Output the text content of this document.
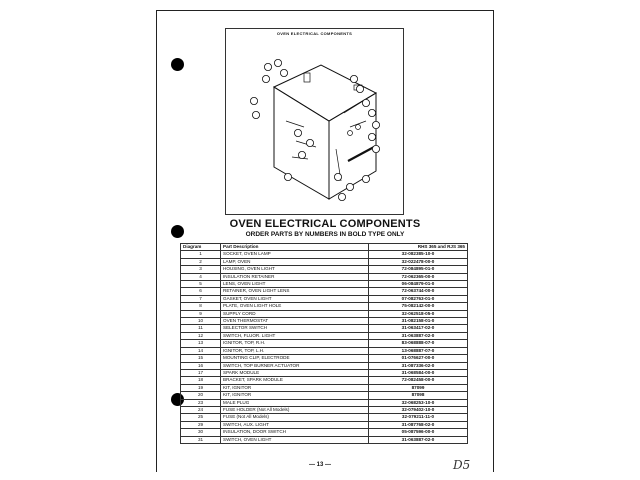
OVEN ELECTRICAL COMPONENTS
OVEN ELECTRICAL COMPONENTS
ORDER PARTS BY NUMBERS IN BOLD TYPE ONLY
Diagram	Part Description	RHS 365 and RJS 365
1	SOCKET, OVEN LAMP	32-082385-10-0
2	LAMP, OVEN	32-022478-00-0
3	HOUSING, OVEN LIGHT	72-084895-01-0
4	INSULATION RETAINER	72-062365-00-0
5	LENS, OVEN LIGHT	06-084879-01-0
6	RETAINER, OVEN LIGHT LENS	72-063744-00-0
7	GASKET, OVEN LIGHT	07-082763-01-0
8	PLATE, OVEN LIGHT HOLE	75-082142-00-0
9	SUPPLY CORD	32-062518-05-0
10	OVEN THERMOSTAT	31-082158-01-0
11	SELECTOR SWITCH	31-063417-02-0
12	SWITCH, FLUOR. LIGHT	31-063887-02-0
13	IGNITOR, TOP, R.H.	83-068888-07-0
14	IGNITOR, TOP, L.H.	13-068887-07-0
15	MOUNTING CLIP, ELECTRODE	01-076627-00-0
16	SWITCH, TOP BURNER ACTUATOR	31-087336-02-0
17	SPARK MODULE	31-068584-00-0
18	BRACKET, SPARK MODULE	72-082458-00-0
19	KIT, IGNITOR	87099
20	KIT, IGNITOR	87098
23	MALE PLUG	32-068253-10-0
24	FUSE HOLDER (Not All Models)	32-079402-10-0
25	FUSE (Not All Models)	32-079211-11-0
29	SWITCH, AUX. LIGHT	31-087768-02-0
30	INSULATION, DOOR SWITCH	05-087596-00-0
31	SWITCH, OVEN LIGHT	31-063887-02-0
— 13 —	D5
